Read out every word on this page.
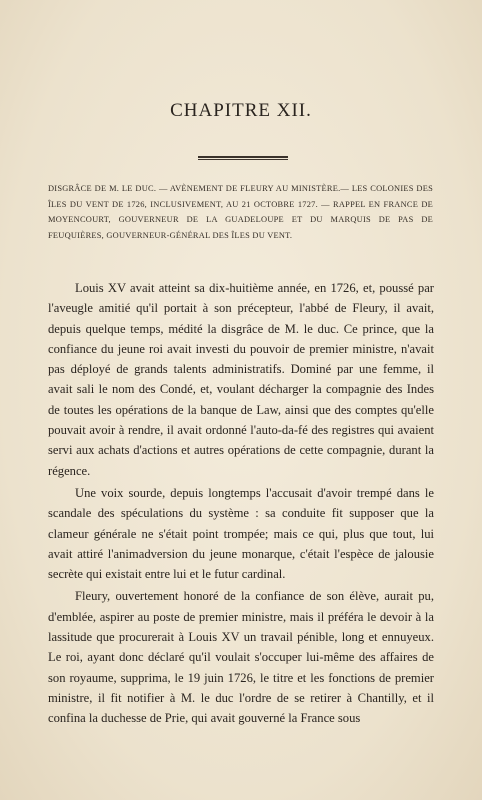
CHAPITRE XII.
DISGRÂCE DE M. LE DUC. — AVÈNEMENT DE FLEURY AU MINISTÈRE.— LES COLONIES DES ÎLES DU VENT DE 1726, INCLUSIVEMENT, AU 21 OCTOBRE 1727. — RAPPEL EN FRANCE DE MOYENCOURT, GOUVERNEUR DE LA GUADELOUPE ET DU MARQUIS DE PAS DE FEUQUIÈRES, GOUVERNEUR-GÉNÉRAL DES ÎLES DU VENT.

Louis XV avait atteint sa dix-huitième année, en 1726, et, poussé par l'aveugle amitié qu'il portait à son précepteur, l'abbé de Fleury, il avait, depuis quelque temps, médité la disgrâce de M. le duc. Ce prince, que la confiance du jeune roi avait investi du pouvoir de premier ministre, n'avait pas déployé de grands talents administratifs. Dominé par une femme, il avait sali le nom des Condé, et, voulant décharger la compagnie des Indes de toutes les opérations de la banque de Law, ainsi que des comptes qu'elle pouvait avoir à rendre, il avait ordonné l'auto-da-fé des registres qui avaient servi aux achats d'actions et autres opérations de cette compagnie, durant la régence.

Une voix sourde, depuis longtemps l'accusait d'avoir trempé dans le scandale des spéculations du système : sa conduite fit supposer que la clameur générale ne s'était point trompée; mais ce qui, plus que tout, lui avait attiré l'animadversion du jeune monarque, c'était l'espèce de jalousie secrète qui existait entre lui et le futur cardinal.

Fleury, ouvertement honoré de la confiance de son élève, aurait pu, d'emblée, aspirer au poste de premier ministre, mais il préféra le devoir à la lassitude que procurerait à Louis XV un travail pénible, long et ennuyeux. Le roi, ayant donc déclaré qu'il voulait s'occuper lui-même des affaires de son royaume, supprima, le 19 juin 1726, le titre et les fonctions de premier ministre, il fit notifier à M. le duc l'ordre de se retirer à Chantilly, et il confina la duchesse de Prie, qui avait gouverné la France sous
